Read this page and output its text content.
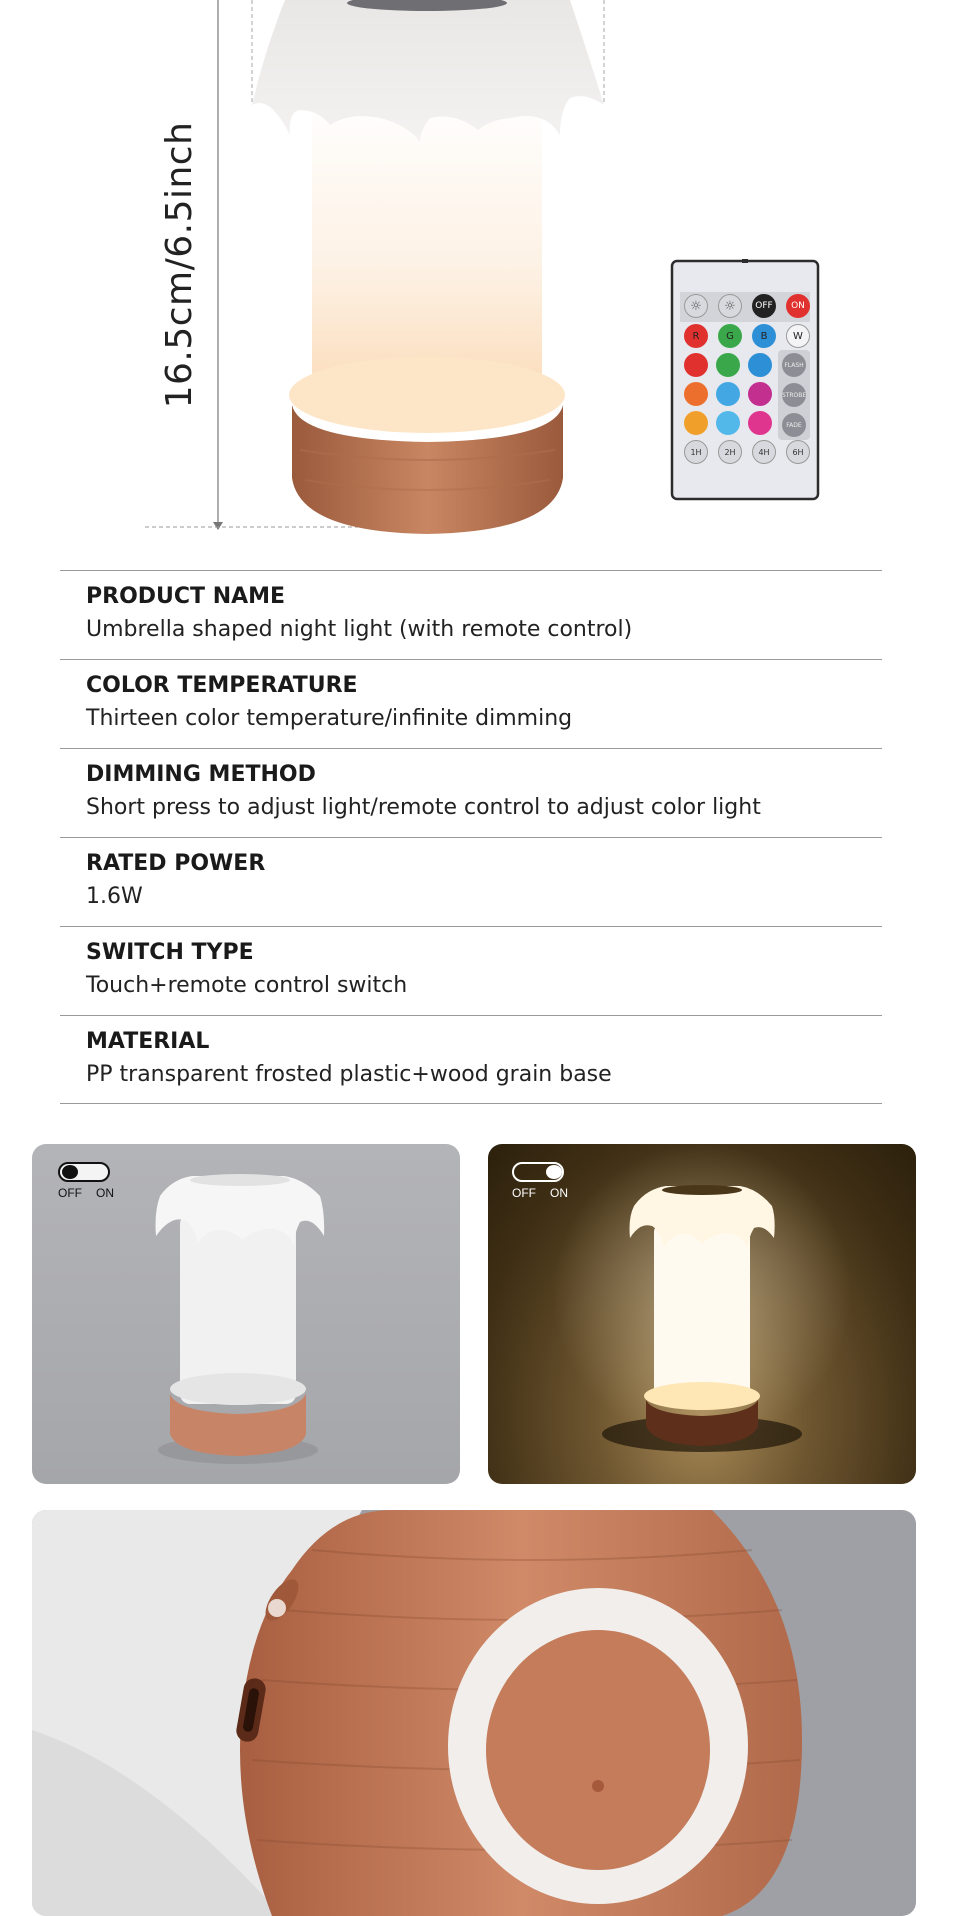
16.5cm/6.5inch	☼	☼	OFF	ON
R	G	B	W
FLASH
STROBE
FADE
1H	2H	4H	6H
PRODUCT NAME
Umbrella shaped night light (with remote control)
COLOR TEMPERATURE
Thirteen color temperature/infinite dimming
DIMMING METHOD
Short press to adjust light/remote control to adjust color light
RATED POWER
1.6W
SWITCH TYPE
Touch+remote control switch
MATERIAL
PP transparent frosted plastic+wood grain base
OFF ON	OFF ON
